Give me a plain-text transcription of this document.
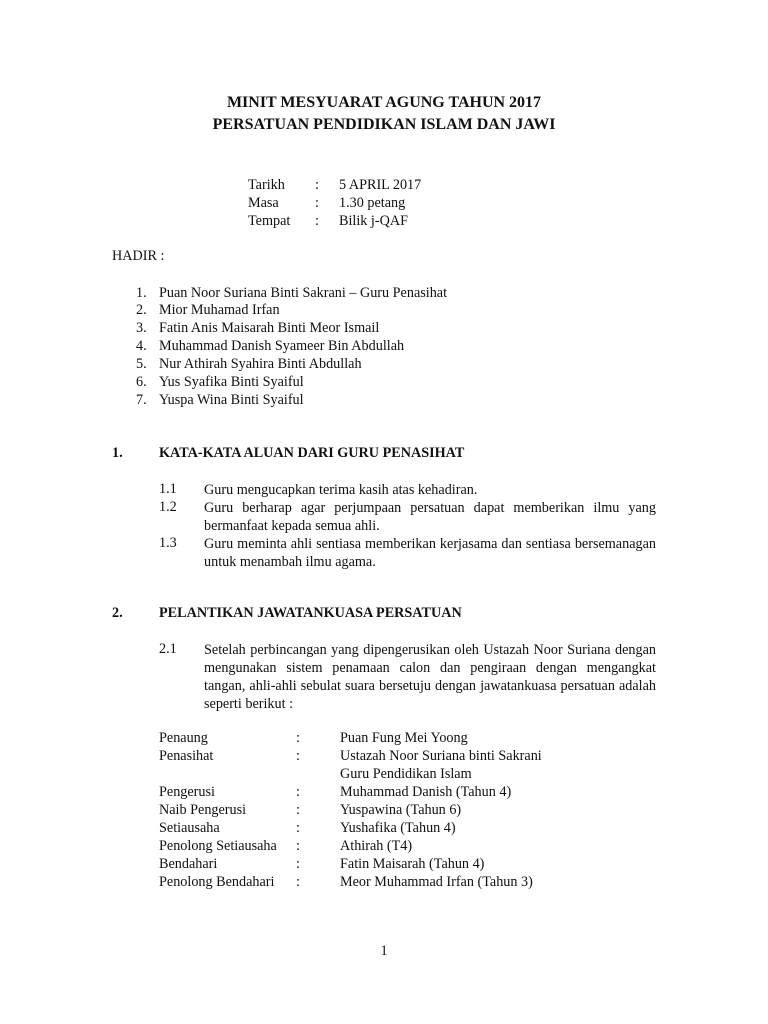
MINIT MESYUARAT AGUNG TAHUN 2017
PERSATUAN PENDIDIKAN ISLAM DAN JAWI
Tarikh : 5 APRIL 2017
Masa	: 1.30 petang
Tempat : Bilik j-QAF
HADIR :
1. Puan Noor Suriana Binti Sakrani – Guru Penasihat
2. Mior Muhamad Irfan
3. Fatin Anis Maisarah Binti Meor Ismail
4. Muhammad Danish Syameer Bin Abdullah
5. Nur Athirah Syahira Binti Abdullah
6. Yus Syafika Binti Syaiful
7. Yuspa Wina Binti Syaiful
1.	KATA-KATA ALUAN DARI GURU PENASIHAT
1.1 Guru mengucapkan terima kasih atas kehadiran.
1.2 Guru berharap agar perjumpaan persatuan dapat memberikan ilmu yang bermanfaat kepada semua ahli.
1.3 Guru meminta ahli sentiasa memberikan kerjasama dan sentiasa bersemanagan untuk menambah ilmu agama.
2.	PELANTIKAN JAWATANKUASA PERSATUAN
2.1 Setelah perbincangan yang dipengerusikan oleh Ustazah Noor Suriana dengan mengunakan sistem penamaan calon dan pengiraan dengan mengangkat tangan, ahli-ahli sebulat suara bersetuju dengan jawatankuasa persatuan adalah seperti berikut :
Penaung	:	Puan Fung Mei Yoong
Penasihat	:	Ustazah Noor Suriana binti Sakrani
Guru Pendidikan Islam
Pengerusi	:	Muhammad Danish (Tahun 4)
Naib Pengerusi	:	Yuspawina (Tahun 6)
Setiausaha	:	Yushafika (Tahun 4)
Penolong Setiausaha :	Athirah (T4)
Bendahari	:	Fatin Maisarah (Tahun 4)
Penolong Bendahari :	Meor Muhammad Irfan (Tahun 3)
1
